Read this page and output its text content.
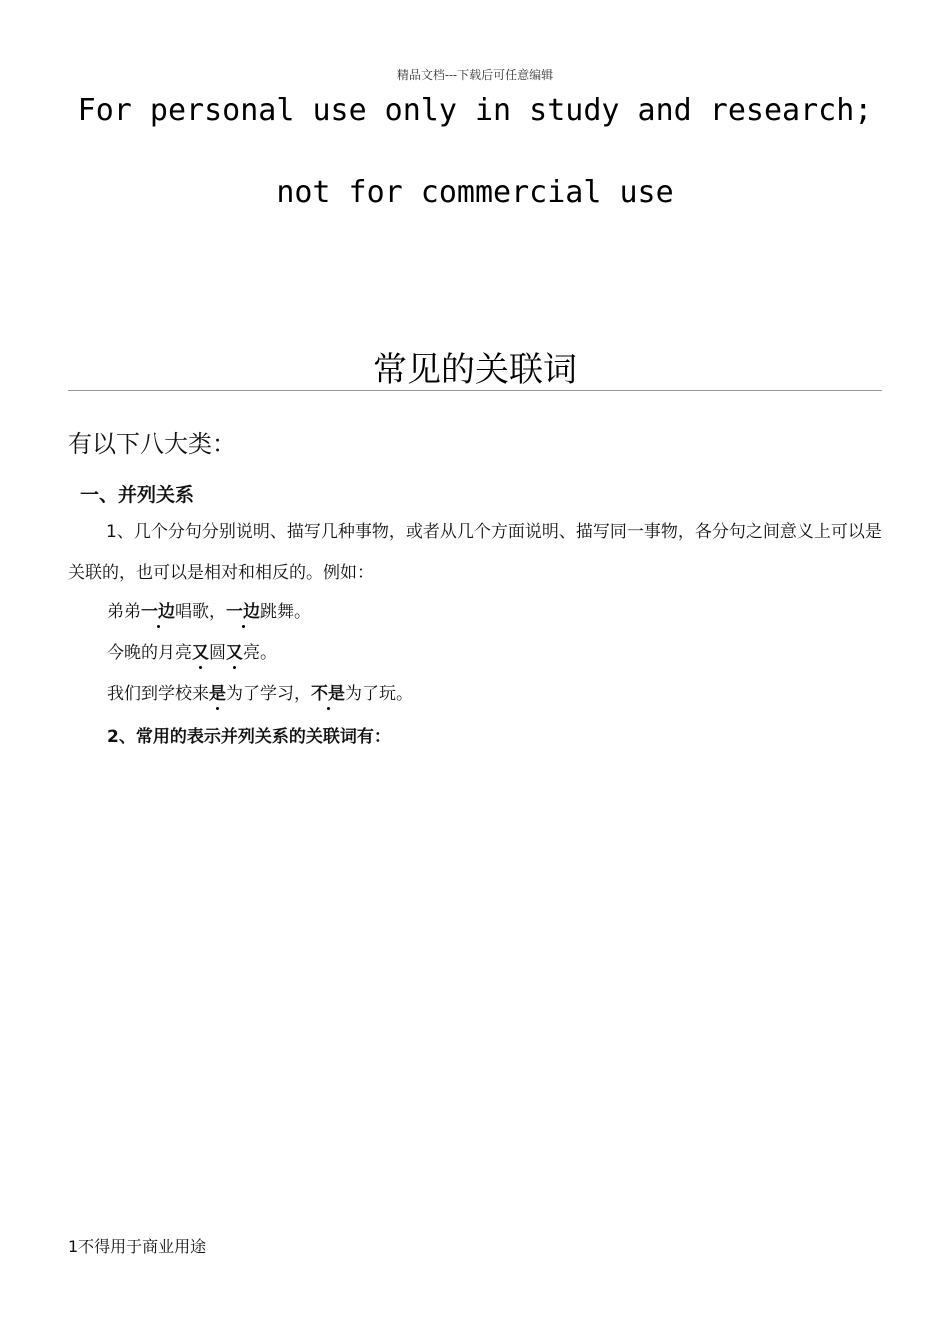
精品文档---下载后可任意编辑
For personal use only in study and research;
not for commercial use
常见的关联词
有以下八大类：
一、并列关系
1、几个分句分别说明、描写几种事物，或者从几个方面说明、描写同一事物，各分句之间意义上可以是关联的，也可以是相对和相反的。例如：
弟弟一边唱歌，一边跳舞。
今晚的月亮又圆又亮。
我们到学校来是为了学习，不是为了玩。
2、常用的表示并列关系的关联词有：
1不得用于商业用途
